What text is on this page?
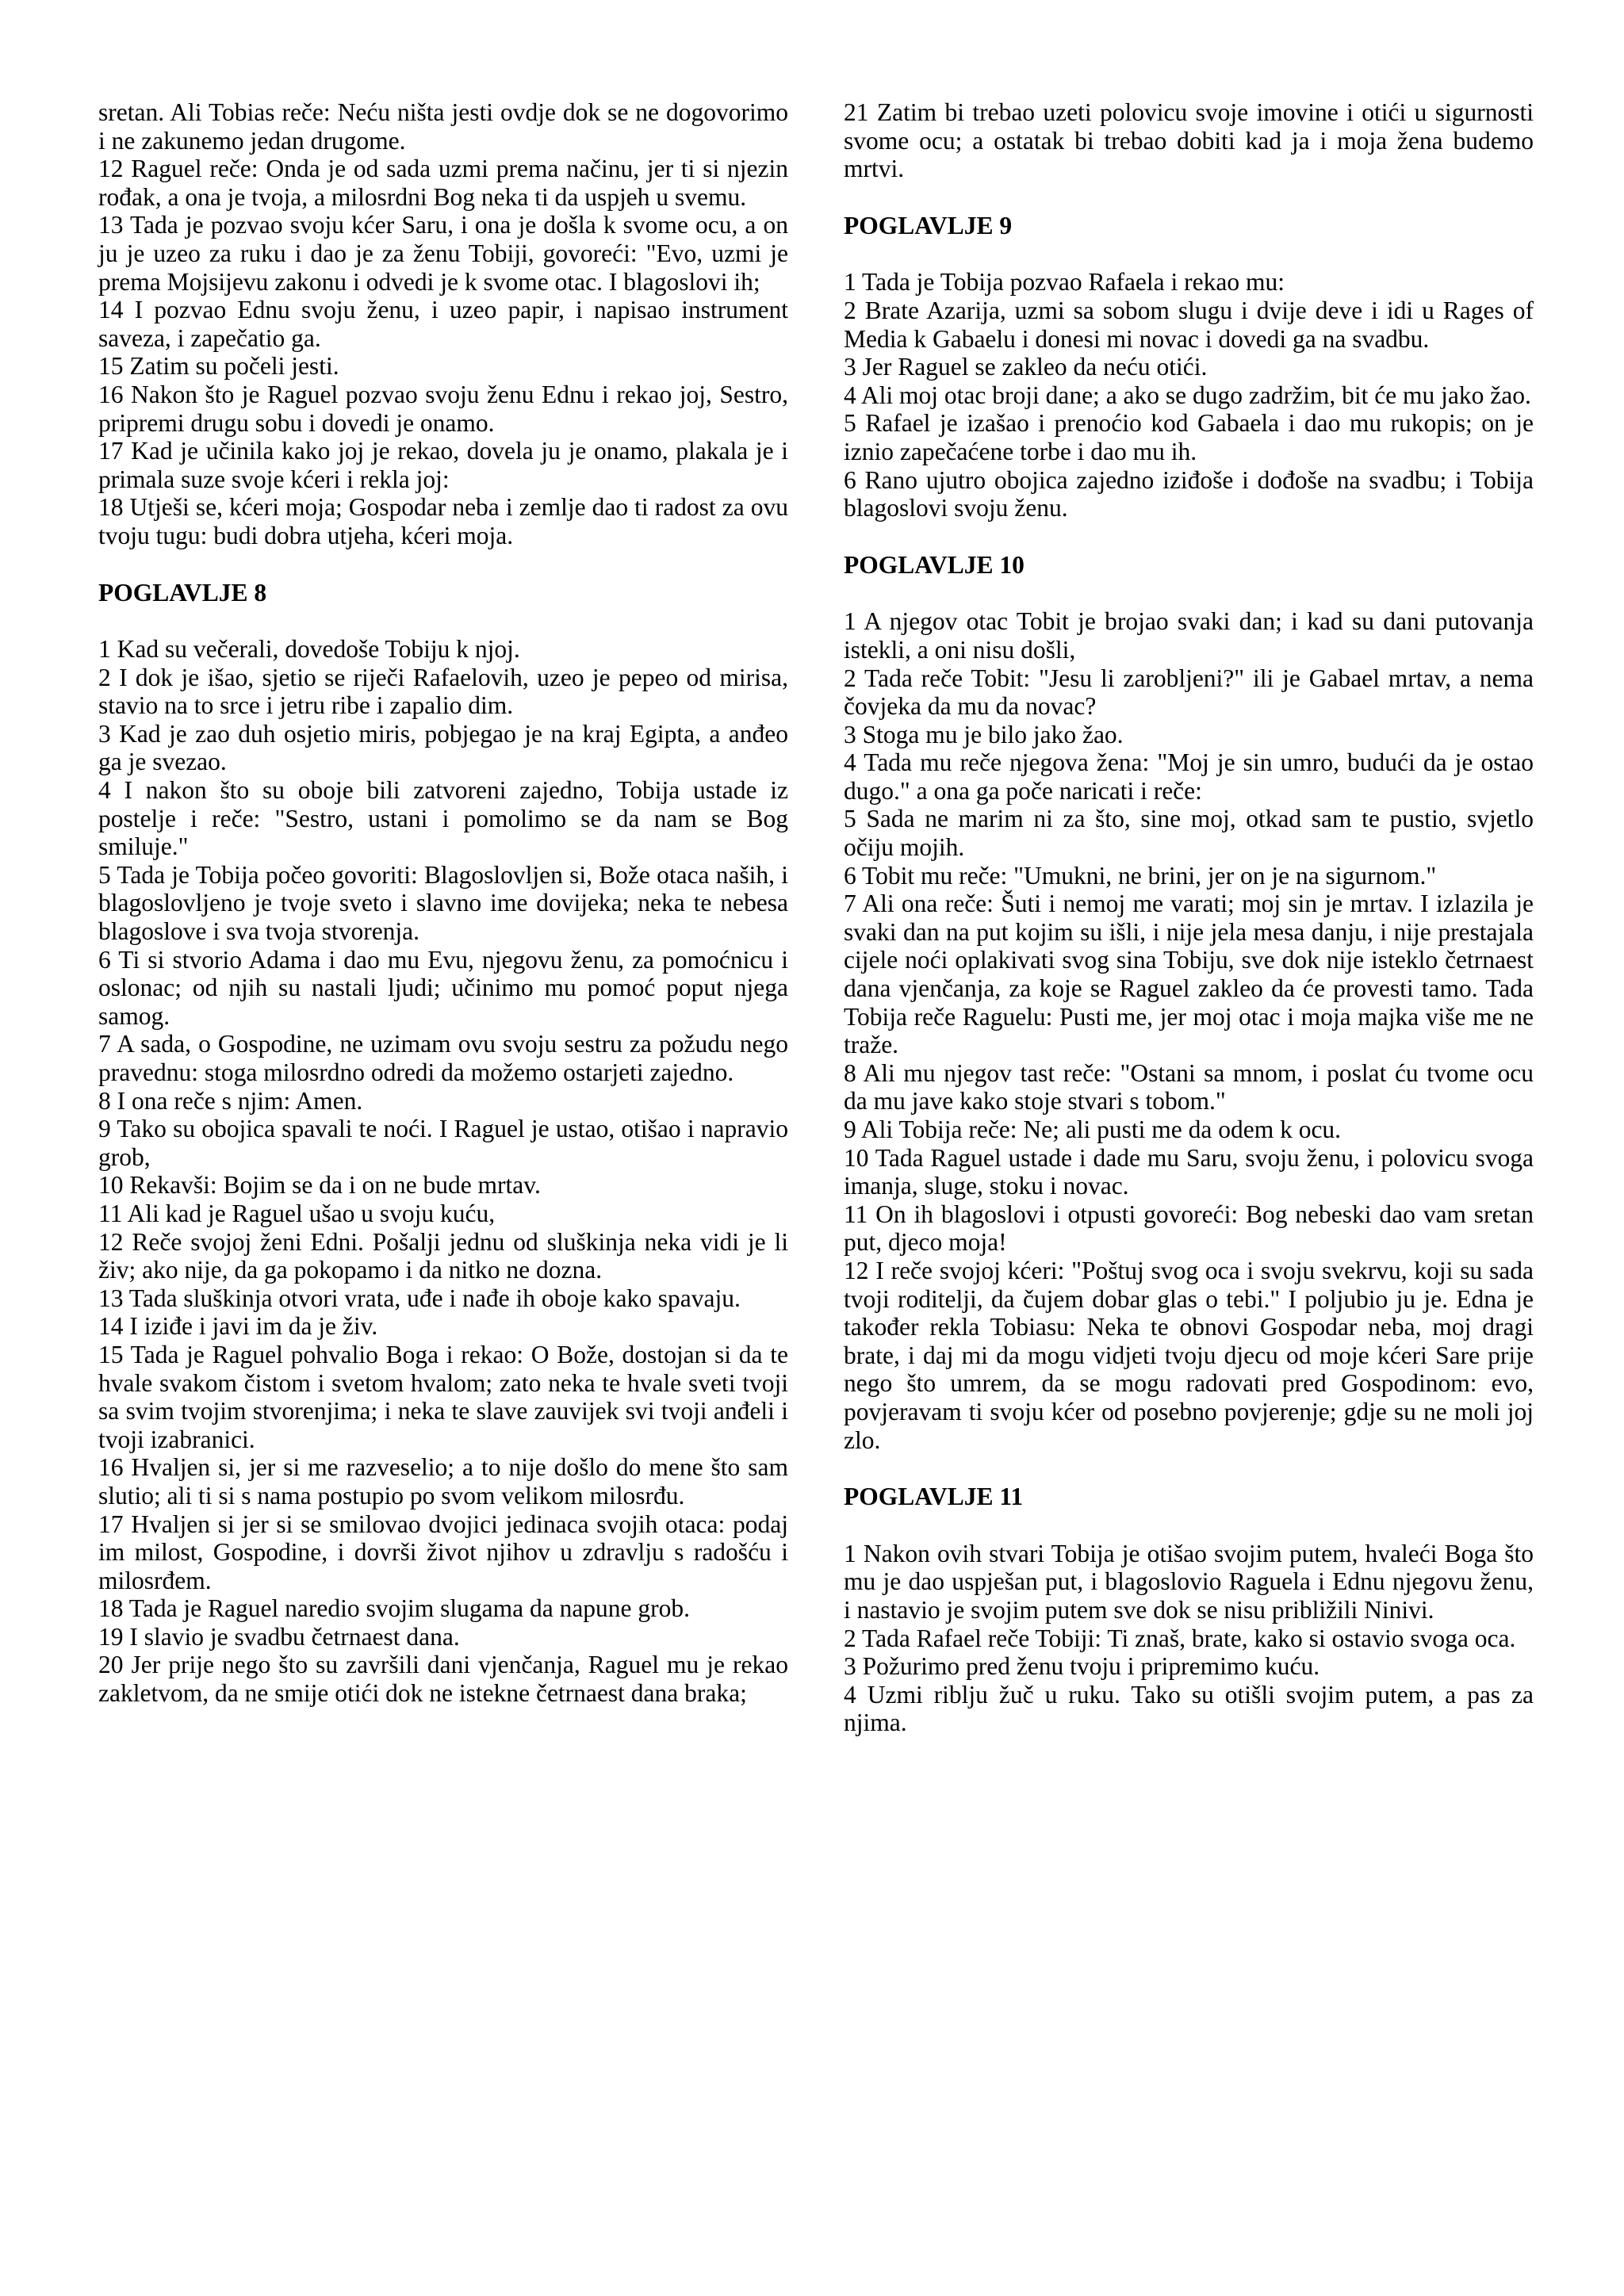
sretan. Ali Tobias reče: Neću ništa jesti ovdje dok se ne dogovorimo i ne zakunemo jedan drugome.

12 Raguel reče: Onda je od sada uzmi prema načinu, jer ti si njezin rođak, a ona je tvoja, a milosrdni Bog neka ti da uspjeh u svemu.

13 Tada je pozvao svoju kćer Saru, i ona je došla k svome ocu, a on ju je uzeo za ruku i dao je za ženu Tobiji, govoreći: "Evo, uzmi je prema Mojsijevu zakonu i odvedi je k svome otac. I blagoslovi ih;

14 I pozvao Ednu svoju ženu, i uzeo papir, i napisao instrument saveza, i zapečatio ga.

15 Zatim su počeli jesti.

16 Nakon što je Raguel pozvao svoju ženu Ednu i rekao joj, Sestro, pripremi drugu sobu i dovedi je onamo.

17 Kad je učinila kako joj je rekao, dovela ju je onamo, plakala je i primala suze svoje kćeri i rekla joj:

18 Utješi se, kćeri moja; Gospodar neba i zemlje dao ti radost za ovu tvoju tugu: budi dobra utjeha, kćeri moja.

POGLAVLJE 8

1 Kad su večerali, dovedoše Tobiju k njoj.

2 I dok je išao, sjetio se riječi Rafaelovih, uzeo je pepeo od mirisa, stavio na to srce i jetru ribe i zapalio dim.

3 Kad je zao duh osjetio miris, pobjegao je na kraj Egipta, a anđeo ga je svezao.

4 I nakon što su oboje bili zatvoreni zajedno, Tobija ustade iz postelje i reče: "Sestro, ustani i pomolimo se da nam se Bog smiluje."

5 Tada je Tobija počeo govoriti: Blagoslovljen si, Bože otaca naših, i blagoslovljeno je tvoje sveto i slavno ime dovijeka; neka te nebesa blagoslove i sva tvoja stvorenja.

6 Ti si stvorio Adama i dao mu Evu, njegovu ženu, za pomoćnicu i oslonac; od njih su nastali ljudi; učinimo mu pomoć poput njega samog.

7 A sada, o Gospodine, ne uzimam ovu svoju sestru za požudu nego pravednu: stoga milosrdno odredi da možemo ostarjeti zajedno.

8 I ona reče s njim: Amen.

9 Tako su obojica spavali te noći. I Raguel je ustao, otišao i napravio grob,

10 Rekavši: Bojim se da i on ne bude mrtav.

11 Ali kad je Raguel ušao u svoju kuću,

12 Reče svojoj ženi Edni. Pošalji jednu od sluškinja neka vidi je li živ; ako nije, da ga pokopamo i da nitko ne dozna.

13 Tada sluškinja otvori vrata, uđe i nađe ih oboje kako spavaju.

14 I iziđe i javi im da je živ.

15 Tada je Raguel pohvalio Boga i rekao: O Bože, dostojan si da te hvale svakom čistom i svetom hvalom; zato neka te hvale sveti tvoji sa svim tvojim stvorenjima; i neka te slave zauvijek svi tvoji anđeli i tvoji izabranici.

16 Hvaljen si, jer si me razveselio; a to nije došlo do mene što sam slutio; ali ti si s nama postupio po svom velikom milosrđu.

17 Hvaljen si jer si se smilovao dvojici jedinaca svojih otaca: podaj im milost, Gospodine, i dovrši život njihov u zdravlju s radošću i milosrđem.

18 Tada je Raguel naredio svojim slugama da napune grob.

19 I slavio je svadbu četrnaest dana.

20 Jer prije nego što su završili dani vjenčanja, Raguel mu je rekao zakletvom, da ne smije otići dok ne istekne četrnaest dana braka;

21 Zatim bi trebao uzeti polovicu svoje imovine i otići u sigurnosti svome ocu; a ostatak bi trebao dobiti kad ja i moja žena budemo mrtvi.

POGLAVLJE 9

1 Tada je Tobija pozvao Rafaela i rekao mu:

2 Brate Azarija, uzmi sa sobom slugu i dvije deve i idi u Rages of Media k Gabaelu i donesi mi novac i dovedi ga na svadbu.

3 Jer Raguel se zakleo da neću otići.

4 Ali moj otac broji dane; a ako se dugo zadržim, bit će mu jako žao.

5 Rafael je izašao i prenoćio kod Gabaela i dao mu rukopis; on je iznio zapečaćene torbe i dao mu ih.

6 Rano ujutro obojica zajedno iziđoše i dođoše na svadbu; i Tobija blagoslovi svoju ženu.

POGLAVLJE 10

1 A njegov otac Tobit je brojao svaki dan; i kad su dani putovanja istekli, a oni nisu došli,

2 Tada reče Tobit: "Jesu li zarobljeni?" ili je Gabael mrtav, a nema čovjeka da mu da novac?

3 Stoga mu je bilo jako žao.

4 Tada mu reče njegova žena: "Moj je sin umro, budući da je ostao dugo." a ona ga poče naricati i reče:

5 Sada ne marim ni za što, sine moj, otkad sam te pustio, svjetlo očiju mojih.

6 Tobit mu reče: "Umukni, ne brini, jer on je na sigurnom."

7 Ali ona reče: Šuti i nemoj me varati; moj sin je mrtav. I izlazila je svaki dan na put kojim su išli, i nije jela mesa danju, i nije prestajala cijele noći oplakivati svog sina Tobiju, sve dok nije isteklo četrnaest dana vjenčanja, za koje se Raguel zakleo da će provesti tamo. Tada Tobija reče Raguelu: Pusti me, jer moj otac i moja majka više me ne traže.

8 Ali mu njegov tast reče: "Ostani sa mnom, i poslat ću tvome ocu da mu jave kako stoje stvari s tobom."

9 Ali Tobija reče: Ne; ali pusti me da odem k ocu.

10 Tada Raguel ustade i dade mu Saru, svoju ženu, i polovicu svoga imanja, sluge, stoku i novac.

11 On ih blagoslovi i otpusti govoreći: Bog nebeski dao vam sretan put, djeco moja!

12 I reče svojoj kćeri: "Poštuj svog oca i svoju svekrvu, koji su sada tvoji roditelji, da čujem dobar glas o tebi." I poljubio ju je. Edna je također rekla Tobiasu: Neka te obnovi Gospodar neba, moj dragi brate, i daj mi da mogu vidjeti tvoju djecu od moje kćeri Sare prije nego što umrem, da se mogu radovati pred Gospodinom: evo, povjeravam ti svoju kćer od posebno povjerenje; gdje su ne moli joj zlo.

POGLAVLJE 11

1 Nakon ovih stvari Tobija je otišao svojim putem, hvaleći Boga što mu je dao uspješan put, i blagoslovio Raguela i Ednu njegovu ženu, i nastavio je svojim putem sve dok se nisu približili Ninivi.

2 Tada Rafael reče Tobiji: Ti znaš, brate, kako si ostavio svoga oca.

3 Požurimo pred ženu tvoju i pripremimo kuću.

4 Uzmi riblju žuč u ruku. Tako su otišli svojim putem, a pas za njima.
